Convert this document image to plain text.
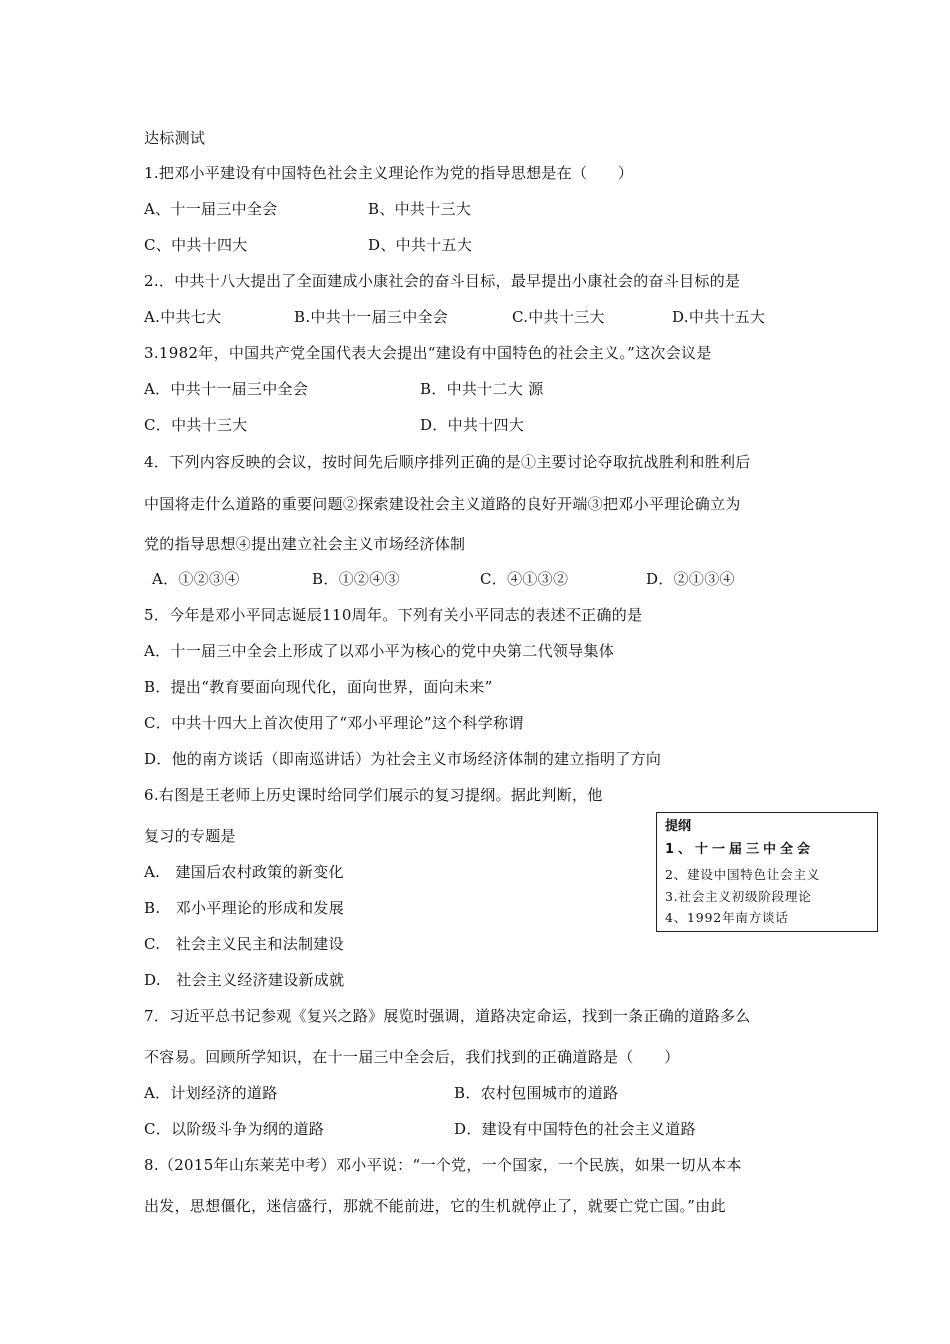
达标测试
1.把邓小平建设有中国特色社会主义理论作为党的指导思想是在（　　）
A、十一届三中全会	B、中共十三大
C、中共十四大	D、中共十五大
2.．中共十八大提出了全面建成小康社会的奋斗目标，最早提出小康社会的奋斗目标的是
A.中共七大	B.中共十一届三中全会	C.中共十三大	D.中共十五大
3.1982年，中国共产党全国代表大会提出“建设有中国特色的社会主义。”这次会议是
A．中共十一届三中全会	B．中共十二大 源
C．中共十三大	D．中共十四大
4．下列内容反映的会议，按时间先后顺序排列正确的是①主要讨论夺取抗战胜利和胜利后
中国将走什么道路的重要问题②探索建设社会主义道路的良好开端③把邓小平理论确立为
党的指导思想④提出建立社会主义市场经济体制
A．①②③④	B．①②④③	C．④①③②	D．②①③④
5．今年是邓小平同志诞辰110周年。下列有关小平同志的表述不正确的是
A．十一届三中全会上形成了以邓小平为核心的党中央第二代领导集体
B．提出“教育要面向现代化，面向世界，面向未来”
C．中共十四大上首次使用了“邓小平理论”这个科学称谓
D．他的南方谈话（即南巡讲话）为社会主义市场经济体制的建立指明了方向
6.右图是王老师上历史课时给同学们展示的复习提纲。据此判断，他
复习的专题是
A.　建国后农村政策的新变化
B.　邓小平理论的形成和发展
C.　社会主义民主和法制建设
D.　社会主义经济建设新成就
提纲
1、十一届三中全会
2、建设中国特色让会主义
3.社会主义初级阶段理论
4、1992年南方谈话
7．习近平总书记参观《复兴之路》展览时强调，道路决定命运，找到一条正确的道路多么
不容易。回顾所学知识，在十一届三中全会后，我们找到的正确道路是（　　）
A．计划经济的道路	B．农村包围城市的道路
C．以阶级斗争为纲的道路	D．建设有中国特色的社会主义道路
8.（2015年山东莱芜中考）邓小平说：“一个党，一个国家，一个民族，如果一切从本本
出发，思想僵化，迷信盛行，那就不能前进，它的生机就停止了，就要亡党亡国。”由此
